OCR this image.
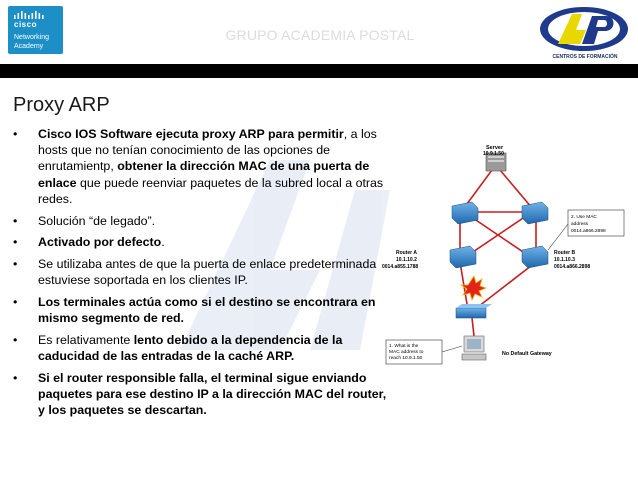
cisco
Networking
Academy
GRUPO ACADEMIA POSTAL
CENTROS DE FORMACIÓN
Proxy ARP
• Cisco IOS Software ejecuta proxy ARP para permitir, a los hosts que no tenían conocimiento de las opciones de enrutamientp, obtener la dirección MAC de una puerta de enlace que puede reenviar paquetes de la subred local a otras redes.
• Solución “de legado”.
• Activado por defecto.
• Se utilizaba antes de que la puerta de enlace predeterminada estuviese soportada en los clientes IP.
• Los terminales actúa como si el destino se encontrara en mismo segmento de red.
• Es relativamente lento debido a la dependencia de la caducidad de las entradas de la caché ARP.
• Si el router responsible falla, el terminal sigue enviando paquetes para ese destino IP a la dirección MAC del router, y los paquetes se descartan.
Server
10.9.1.50
Router A
10.1.10.2
0014.a855.1788
Router B
10.1.10.3
0014.a866.2898
No Default Gateway
1. What is the
MAC address to
reach 10.9.1.50
2. Use MAC
address
0014.a866.2898
